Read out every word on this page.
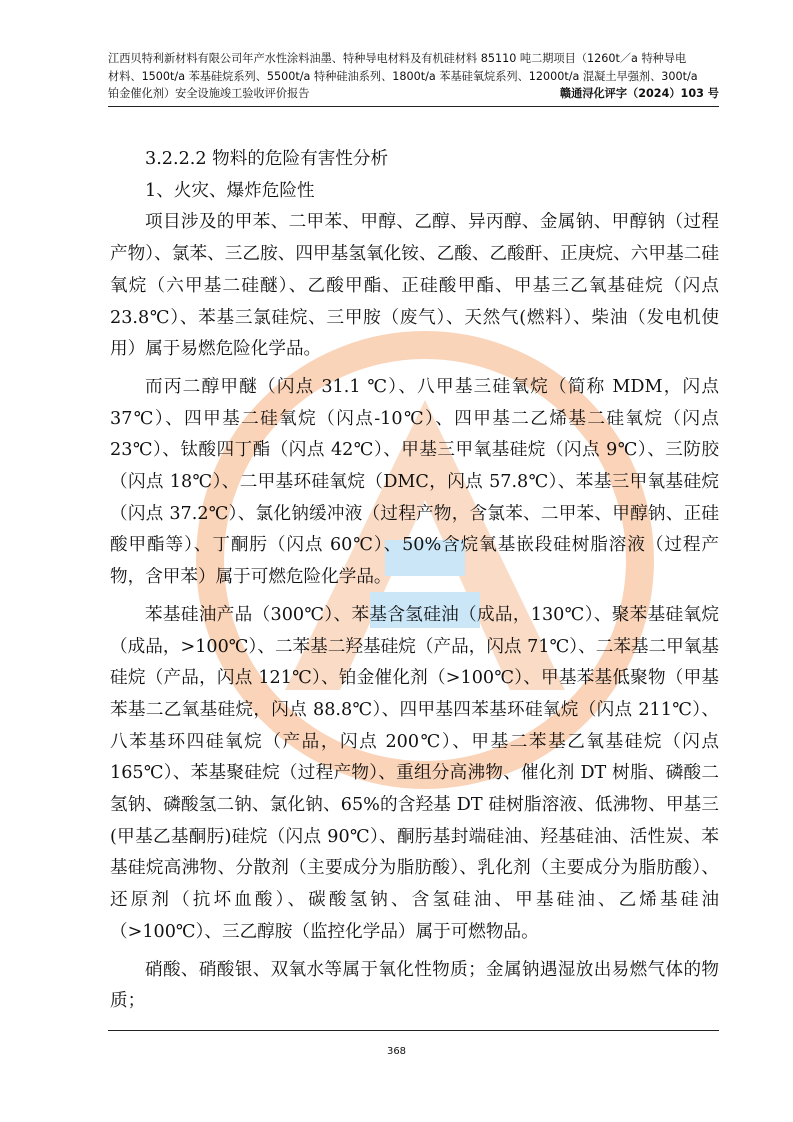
江西贝特利新材料有限公司年产水性涂料油墨、特种导电材料及有机硅材料 85110 吨二期项目（1260t／a 特种导电
材料、1500t/a 苯基硅烷系列、5500t/a 特种硅油系列、1800t/a 苯基硅氧烷系列、12000t/a 混凝土早强剂、300t/a
铂金催化剂）安全设施竣工验收评价报告	赣通浔化评字（2024）103 号

3.2.2.2 物料的危险有害性分析

1、火灾、爆炸危险性

项目涉及的甲苯、二甲苯、甲醇、乙醇、异丙醇、金属钠、甲醇钠（过程产物）、氯苯、三乙胺、四甲基氢氧化铵、乙酸、乙酸酐、正庚烷、六甲基二硅氧烷（六甲基二硅醚）、乙酸甲酯、正硅酸甲酯、甲基三乙氧基硅烷（闪点 23.8℃）、苯基三氯硅烷、三甲胺（废气）、天然气(燃料）、柴油（发电机使用）属于易燃危险化学品。

而丙二醇甲醚（闪点 31.1 ℃）、八甲基三硅氧烷（简称 MDM，闪点 37℃）、四甲基二硅氧烷（闪点-10℃）、四甲基二乙烯基二硅氧烷（闪点 23℃）、钛酸四丁酯（闪点 42℃）、甲基三甲氧基硅烷（闪点 9℃）、三防胶（闪点 18℃）、二甲基环硅氧烷（DMC，闪点 57.8℃）、苯基三甲氧基硅烷（闪点 37.2℃）、氯化钠缓冲液（过程产物，含氯苯、二甲苯、甲醇钠、正硅酸甲酯等）、丁酮肟（闪点 60℃）、50%含烷氧基嵌段硅树脂溶液（过程产物，含甲苯）属于可燃危险化学品。

苯基硅油产品（300℃）、苯基含氢硅油（成品，130℃）、聚苯基硅氧烷（成品，>100℃）、二苯基二羟基硅烷（产品，闪点 71℃）、二苯基二甲氧基硅烷（产品，闪点 121℃）、铂金催化剂（>100℃）、甲基苯基低聚物（甲基苯基二乙氧基硅烷，闪点 88.8℃）、四甲基四苯基环硅氧烷（闪点 211℃）、八苯基环四硅氧烷（产品，闪点 200℃）、甲基二苯基乙氧基硅烷（闪点 165℃）、苯基聚硅烷（过程产物）、重组分高沸物、催化剂 DT 树脂、磷酸二氢钠、磷酸氢二钠、氯化钠、65%的含羟基 DT 硅树脂溶液、低沸物、甲基三(甲基乙基酮肟)硅烷（闪点 90℃）、酮肟基封端硅油、羟基硅油、活性炭、苯基硅烷高沸物、分散剂（主要成分为脂肪酸）、乳化剂（主要成分为脂肪酸）、还原剂（抗坏血酸）、碳酸氢钠、含氢硅油、甲基硅油、乙烯基硅油（>100℃）、三乙醇胺（监控化学品）属于可燃物品。

硝酸、硝酸银、双氧水等属于氧化性物质；金属钠遇湿放出易燃气体的物质；

368
